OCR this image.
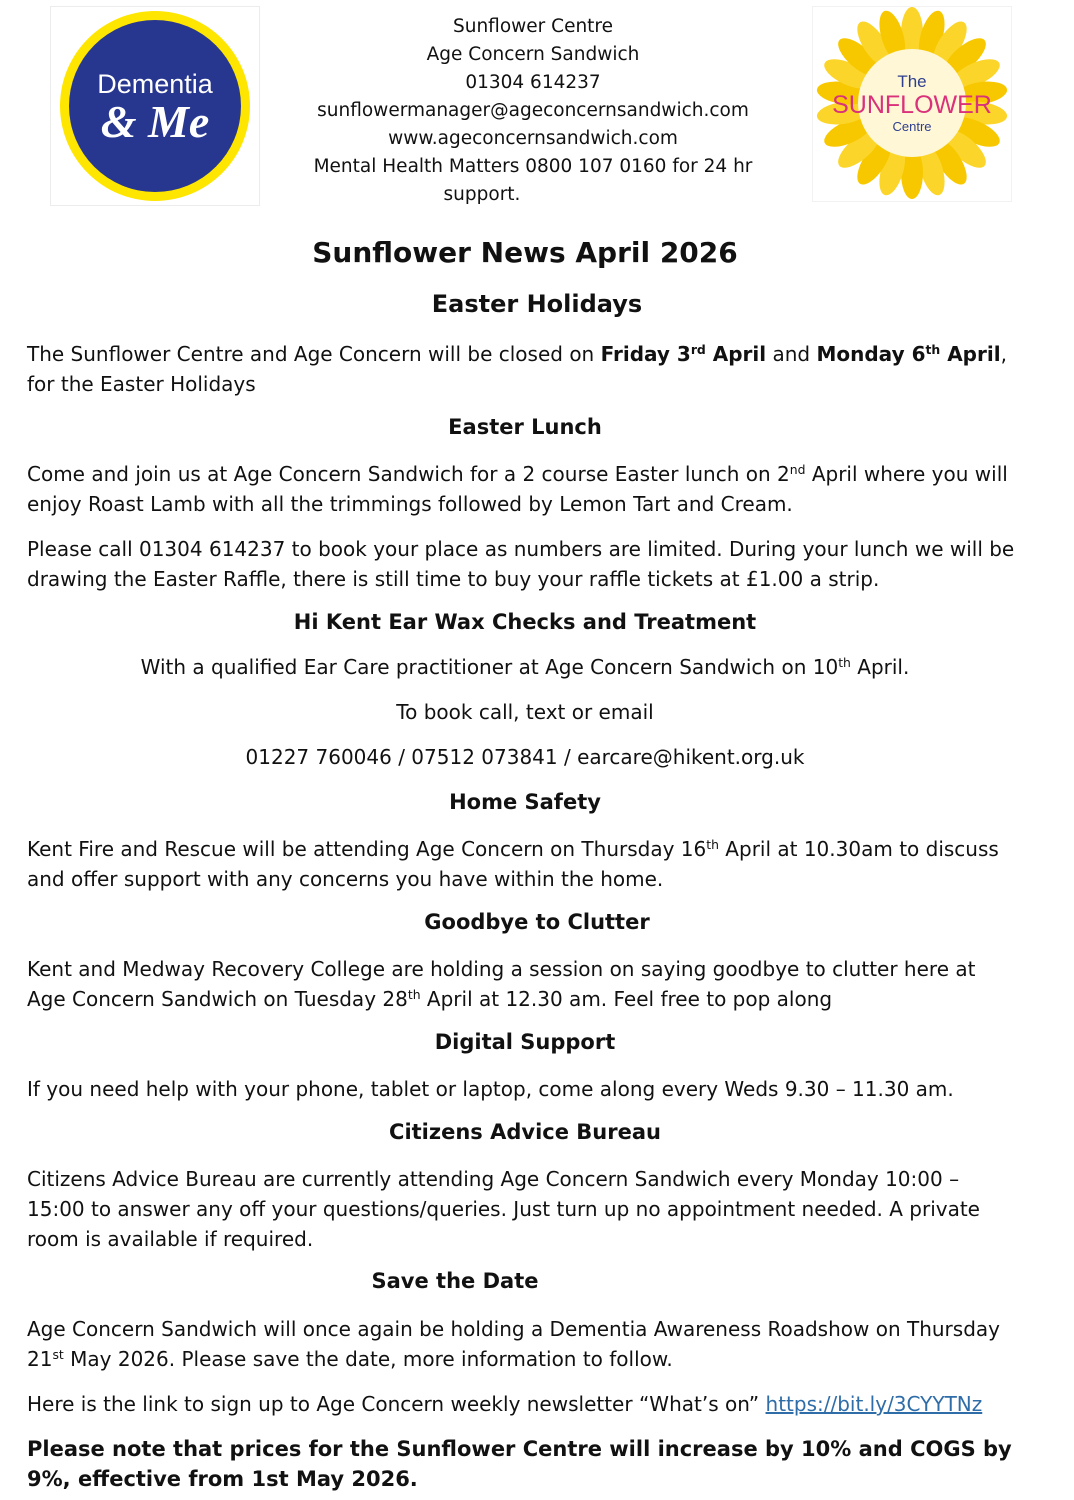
Dementia
& Me

Sunflower Centre

Age Concern Sandwich

01304 614237

sunflowermanager@ageconcernsandwich.com

www.ageconcernsandwich.com

Mental Health Matters 0800 107 0160 for 24 hr

support.

The
SUNFLOWER
Centre
Sunflower News April 2026
Easter Holidays

The Sunflower Centre and Age Concern will be closed on Friday 3rd April and Monday 6th April,

for the Easter Holidays

Easter Lunch

Come and join us at Age Concern Sandwich for a 2 course Easter lunch on 2nd April where you will

enjoy Roast Lamb with all the trimmings followed by Lemon Tart and Cream.

Please call 01304 614237 to book your place as numbers are limited. During your lunch we will be

drawing the Easter Raffle, there is still time to buy your raffle tickets at £1.00 a strip.

Hi Kent Ear Wax Checks and Treatment

With a qualified Ear Care practitioner at Age Concern Sandwich on 10th April.

To book call, text or email

01227 760046 / 07512 073841 / earcare@hikent.org.uk

Home Safety

Kent Fire and Rescue will be attending Age Concern on Thursday 16th April at 10.30am to discuss

and offer support with any concerns you have within the home.

Goodbye to Clutter

Kent and Medway Recovery College are holding a session on saying goodbye to clutter here at

Age Concern Sandwich on Tuesday 28th April at 12.30 am. Feel free to pop along

Digital Support

If you need help with your phone, tablet or laptop, come along every Weds 9.30 – 11.30 am.

Citizens Advice Bureau

Citizens Advice Bureau are currently attending Age Concern Sandwich every Monday 10:00 –

15:00 to answer any off your questions/queries. Just turn up no appointment needed. A private

room is available if required.

Save the Date

Age Concern Sandwich will once again be holding a Dementia Awareness Roadshow on Thursday

21st May 2026. Please save the date, more information to follow.

Here is the link to sign up to Age Concern weekly newsletter “What’s on” https://bit.ly/3CYYTNz

Please note that prices for the Sunflower Centre will increase by 10% and COGS by

9%, effective from 1st May 2026.
